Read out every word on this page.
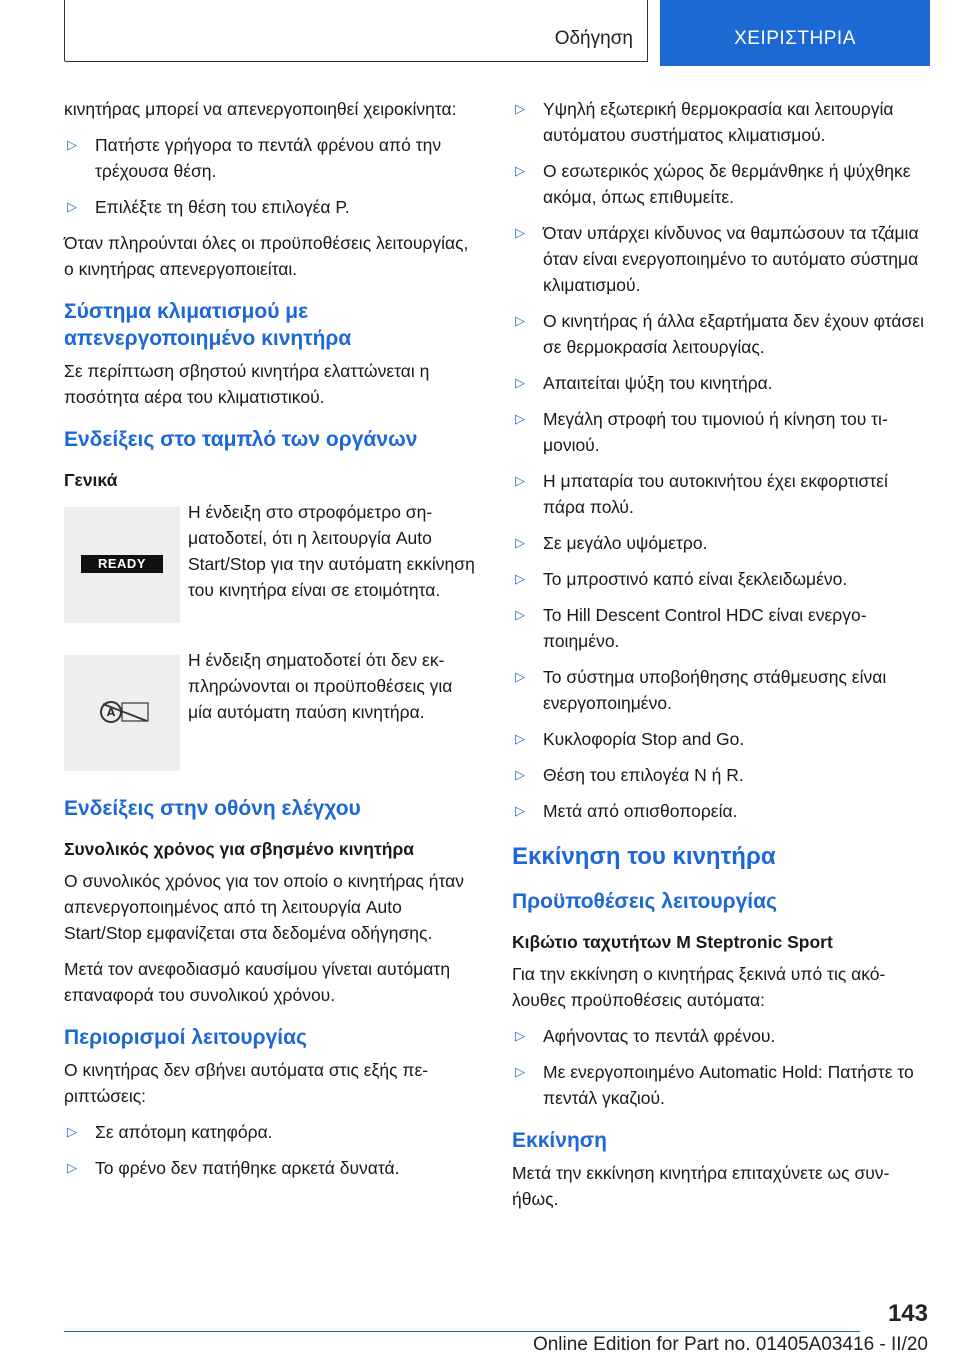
Οδήγηση	ΧΕΙΡΙΣΤΗΡΙΑ

κινητήρας μπορεί να απενεργοποιηθεί χειροκίνητα:

▷ Πατήστε γρήγορα το πεντάλ φρένου από την τρέχουσα θέση.
▷ Επιλέξτε τη θέση του επιλογέα P.

Όταν πληρούνται όλες οι προϋποθέσεις λειτουργίας, ο κινητήρας απενεργοποιείται.

Σύστημα κλιματισμού με απενεργοποιημένο κινητήρα

Σε περίπτωση σβηστού κινητήρα ελαττώνεται η ποσότητα αέρα του κλιματιστικού.

Ενδείξεις στο ταμπλό των οργάνων
Γενικά
READY
Η ένδειξη στο στροφόμετρο σηματοδοτεί, ότι η λειτουργία Auto Start/Stop για την αυτόματη εκκίνηση του κινητήρα είναι σε ετοιμότητα.
A
Η ένδειξη σηματοδοτεί ότι δεν εκπληρώνονται οι προϋποθέσεις για μία αυτόματη παύση κινητήρα.
Ενδείξεις στην οθόνη ελέγχου
Συνολικός χρόνος για σβησμένο κινητήρα

Ο συνολικός χρόνος για τον οποίο ο κινητήρας ήταν απενεργοποιημένος από τη λειτουργία Auto Start/Stop εμφανίζεται στα δεδομένα οδήγησης.

Μετά τον ανεφοδιασμό καυσίμου γίνεται αυτόματη επαναφορά του συνολικού χρόνου.

Περιορισμοί λειτουργίας

Ο κινητήρας δεν σβήνει αυτόματα στις εξής περιπτώσεις:

▷ Σε απότομη κατηφόρα.
▷ Το φρένο δεν πατήθηκε αρκετά δυνατά.
▷ Υψηλή εξωτερική θερμοκρασία και λειτουργία αυτόματου συστήματος κλιματισμού.
▷ Ο εσωτερικός χώρος δε θερμάνθηκε ή ψύχθηκε ακόμα, όπως επιθυμείτε.
▷ Όταν υπάρχει κίνδυνος να θαμπώσουν τα τζάμια όταν είναι ενεργοποιημένο το αυτόματο σύστημα κλιματισμού.
▷ Ο κινητήρας ή άλλα εξαρτήματα δεν έχουν φτάσει σε θερμοκρασία λειτουργίας.
▷ Απαιτείται ψύξη του κινητήρα.
▷ Μεγάλη στροφή του τιμονιού ή κίνηση του τιμονιού.
▷ Η μπαταρία του αυτοκινήτου έχει εκφορτιστεί πάρα πολύ.
▷ Σε μεγάλο υψόμετρο.
▷ Το μπροστινό καπό είναι ξεκλειδωμένο.
▷ Το Hill Descent Control HDC είναι ενεργοποιημένο.
▷ Το σύστημα υποβοήθησης στάθμευσης είναι ενεργοποιημένο.
▷ Κυκλοφορία Stop and Go.
▷ Θέση του επιλογέα N ή R.
▷ Μετά από οπισθοπορεία.
Εκκίνηση του κινητήρα
Προϋποθέσεις λειτουργίας
Κιβώτιο ταχυτήτων M Steptronic Sport

Για την εκκίνηση ο κινητήρας ξεκινά υπό τις ακόλουθες προϋποθέσεις αυτόματα:

▷ Αφήνοντας το πεντάλ φρένου.
▷ Με ενεργοποιημένο Automatic Hold: Πατήστε το πεντάλ γκαζιού.
Εκκίνηση

Μετά την εκκίνηση κινητήρα επιταχύνετε ως συνήθως.

143
Online Edition for Part no. 01405A03416 - II/20
